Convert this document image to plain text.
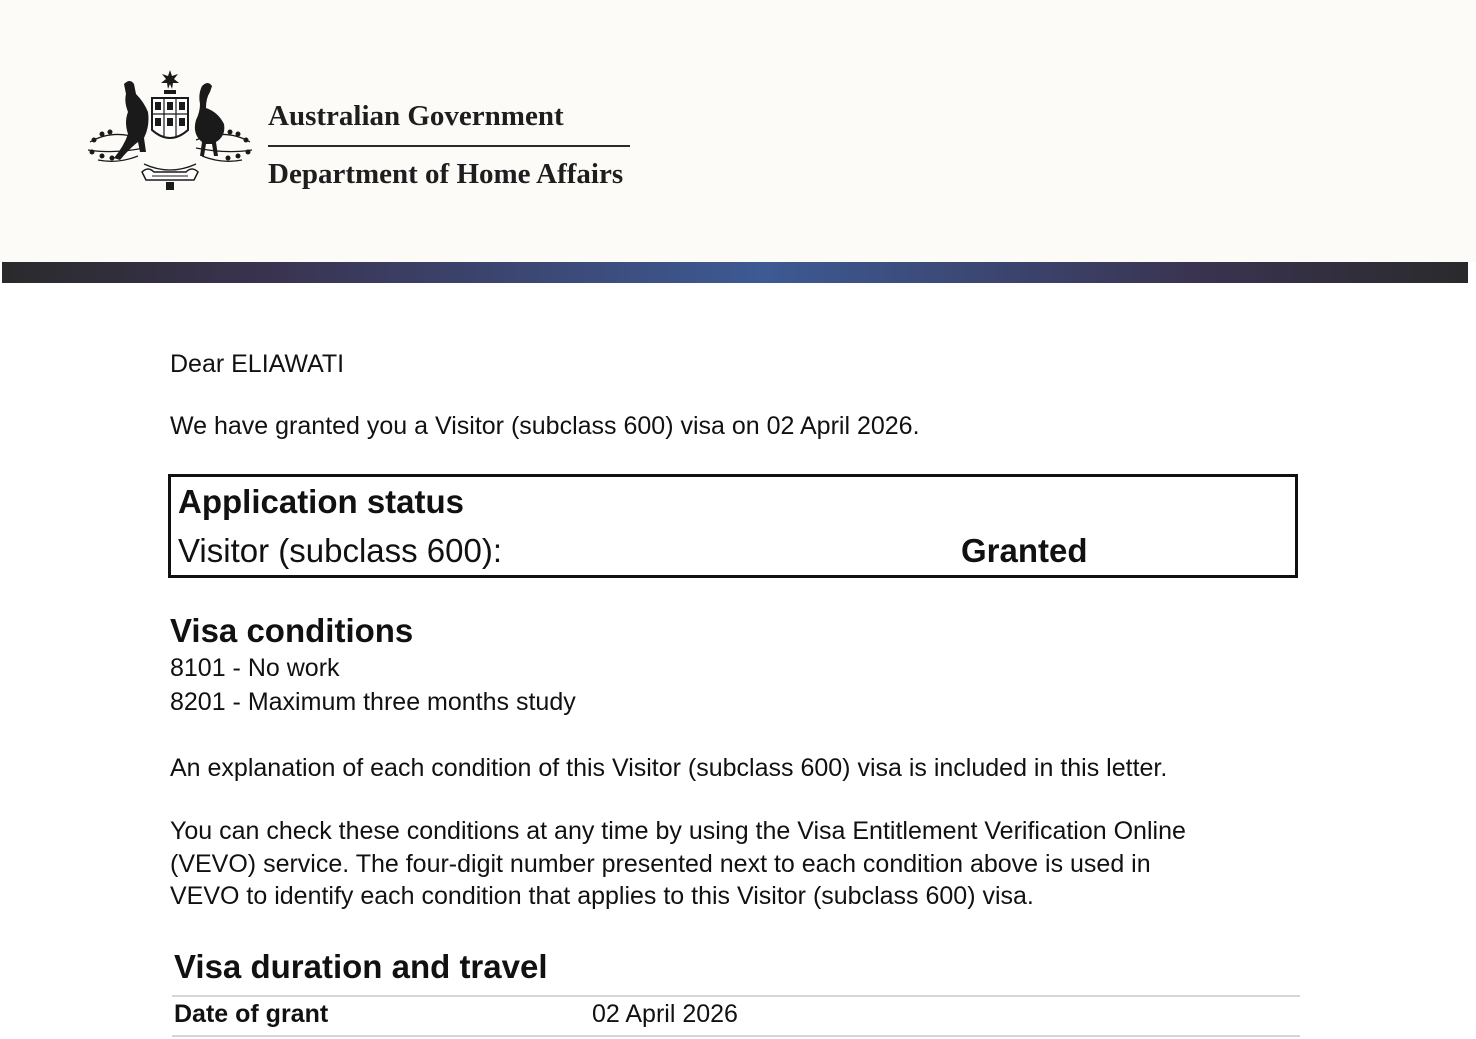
Australian Government
Department of Home Affairs
Dear ELIAWATI
We have granted you a Visitor (subclass 600) visa on 02 April 2026.
Visa conditions
8101 - No work
8201 - Maximum three months study
An explanation of each condition of this Visitor (subclass 600) visa is included in this letter.
You can check these conditions at any time by using the Visa Entitlement Verification Online
(VEVO) service. The four-digit number presented next to each condition above is used in
VEVO to identify each condition that applies to this Visitor (subclass 600) visa.
Visa duration and travel
Date of grant	02 April 2026
Application status
Visitor (subclass 600):	Granted
